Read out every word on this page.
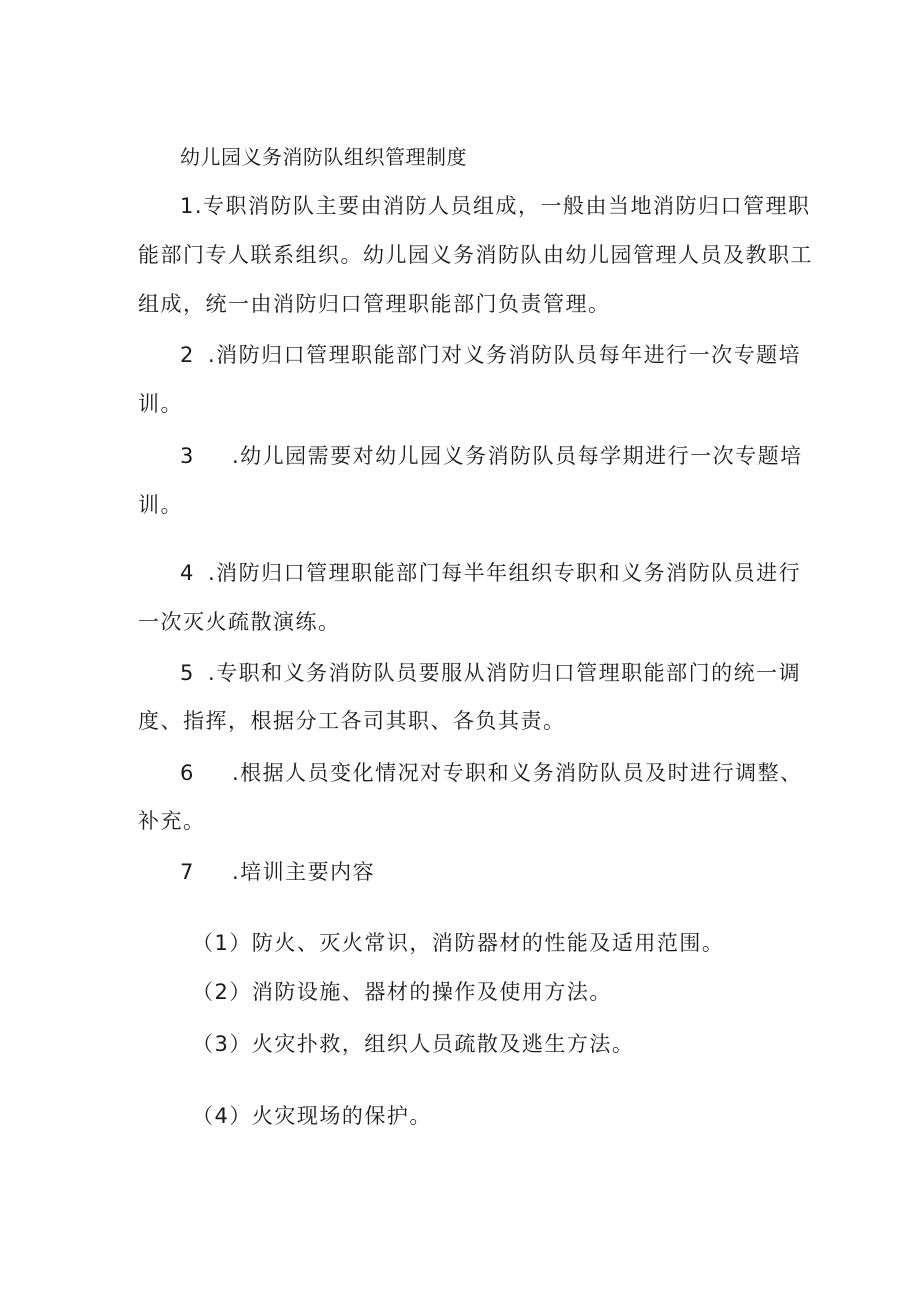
幼儿园义务消防队组织管理制度
1.专职消防队主要由消防人员组成，一般由当地消防归口管理职
能部门专人联系组织。幼儿园义务消防队由幼儿园管理人员及教职工
组成，统一由消防归口管理职能部门负责管理。
2 .消防归口管理职能部门对义务消防队员每年进行一次专题培
训。
3 .幼儿园需要对幼儿园义务消防队员每学期进行一次专题培
训。
4 .消防归口管理职能部门每半年组织专职和义务消防队员进行
一次灭火疏散演练。
5 .专职和义务消防队员要服从消防归口管理职能部门的统一调
度、指挥，根据分工各司其职、各负其责。
6 .根据人员变化情况对专职和义务消防队员及时进行调整、
补充。
7 .培训主要内容
（1）防火、灭火常识，消防器材的性能及适用范围。
（2）消防设施、器材的操作及使用方法。
（3）火灾扑救，组织人员疏散及逃生方法。
（4）火灾现场的保护。
